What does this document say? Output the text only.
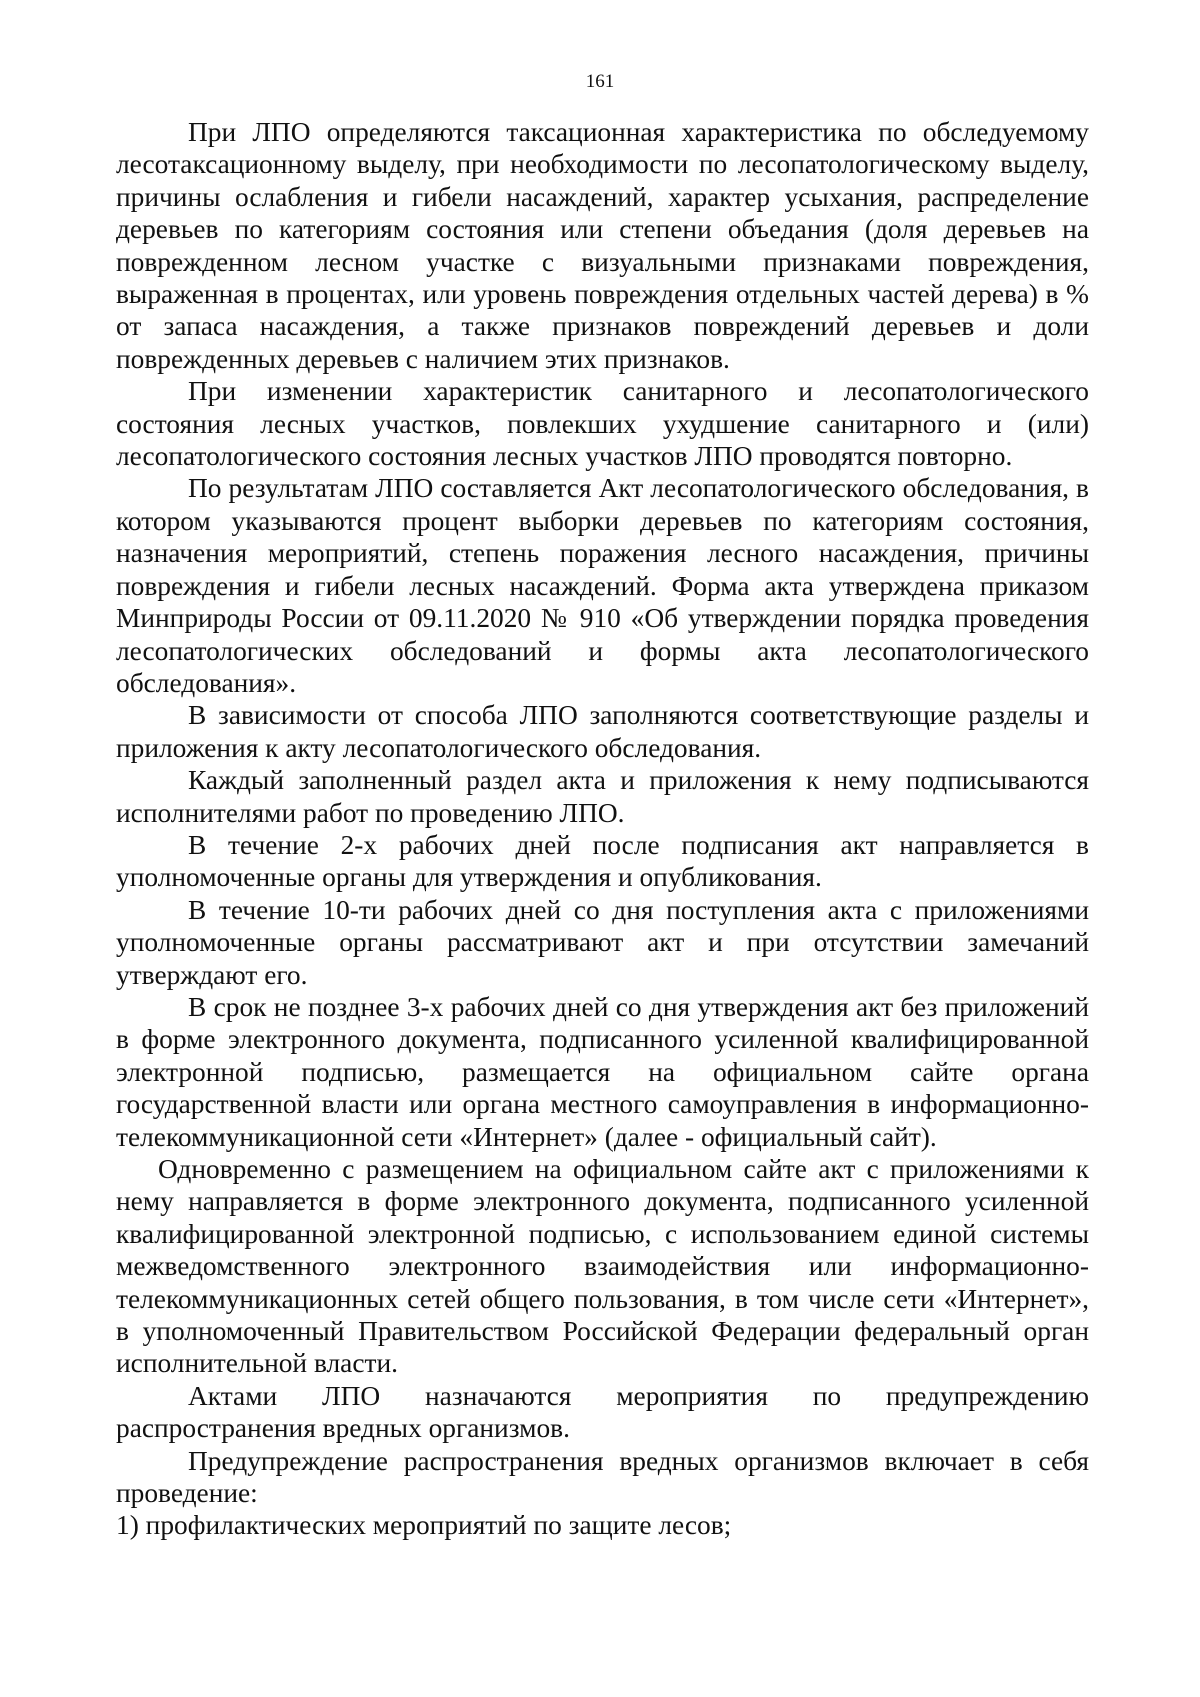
161

При ЛПО определяются таксационная характеристика по обследуемому лесотаксационному выделу, при необходимости по лесопатологическому выделу, причины ослабления и гибели насаждений, характер усыхания, распределение деревьев по категориям состояния или степени объедания (доля деревьев на поврежденном лесном участке с визуальными признаками повреждения, выраженная в процентах, или уровень повреждения отдельных частей дерева) в % от запаса насаждения, а также признаков повреждений деревьев и доли поврежденных деревьев с наличием этих признаков.

При изменении характеристик санитарного и лесопатологического состояния лесных участков, повлекших ухудшение санитарного и (или) лесопатологического состояния лесных участков ЛПО проводятся повторно.

По результатам ЛПО составляется Акт лесопатологического обследования, в котором указываются процент выборки деревьев по категориям состояния, назначения мероприятий, степень поражения лесного насаждения, причины повреждения и гибели лесных насаждений. Форма акта утверждена приказом Минприроды России от 09.11.2020 № 910 «Об утверждении порядка проведения лесопатологических обследований и формы акта лесопатологического обследования».

В зависимости от способа ЛПО заполняются соответствующие разделы и приложения к акту лесопатологического обследования.

Каждый заполненный раздел акта и приложения к нему подписываются исполнителями работ по проведению ЛПО.

В течение 2-х рабочих дней после подписания акт направляется в уполномоченные органы для утверждения и опубликования.

В течение 10-ти рабочих дней со дня поступления акта с приложениями уполномоченные органы рассматривают акт и при отсутствии замечаний утверждают его.

В срок не позднее 3-х рабочих дней со дня утверждения акт без приложений в форме электронного документа, подписанного усиленной квалифицированной электронной подписью, размещается на официальном сайте органа государственной власти или органа местного самоуправления в информационно-телекоммуникационной сети «Интернет» (далее - официальный сайт).

Одновременно с размещением на официальном сайте акт с приложениями к нему направляется в форме электронного документа, подписанного усиленной квалифицированной электронной подписью, с использованием единой системы межведомственного электронного взаимодействия или информационно-телекоммуникационных сетей общего пользования, в том числе сети «Интернет», в уполномоченный Правительством Российской Федерации федеральный орган исполнительной власти.

Актами ЛПО назначаются мероприятия по предупреждению распространения вредных организмов.

Предупреждение распространения вредных организмов включает в себя проведение:

1) профилактических мероприятий по защите лесов;
